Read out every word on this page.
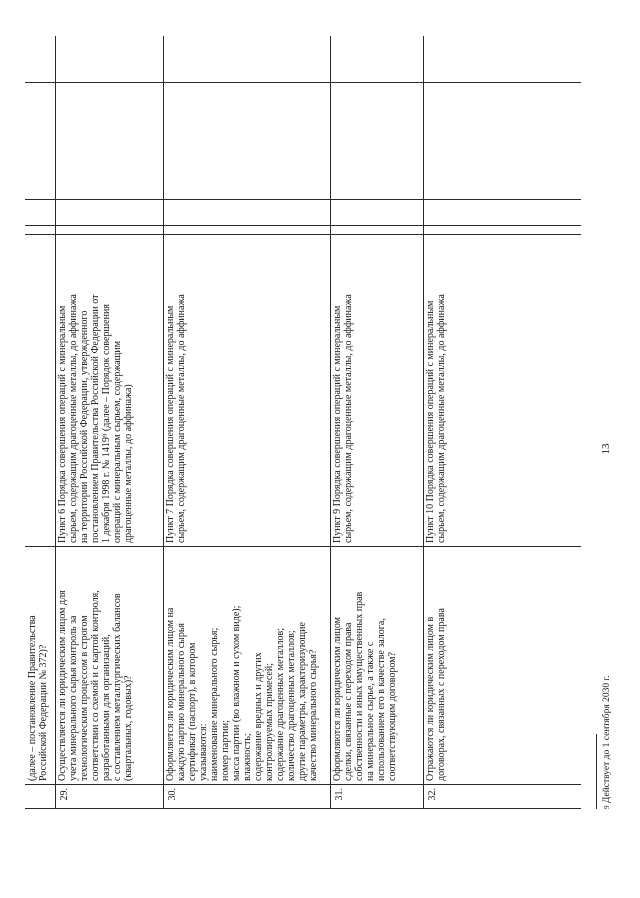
13
(далее – постановление Правительства
Российской Федерации № 372)?
29.
Осуществляется ли юридическим лицом для
учета минерального сырья контроль за
технологическим процессом в строгом
соответствии со схемой и с картой контроля,
разработанными для организаций,
с составлением металлургических балансов
(квартальных, годовых)?
Пункт 6 Порядка совершения операций с минеральным
сырьем, содержащим драгоценные металлы, до аффинажа
на территории Российской Федерации, утвержденного
постановлением Правительства Российской Федерации от
1 декабря 1998 г. № 1419⁹ (далее – Порядок совершения
операций с минеральным сырьем, содержащим
драгоценные металлы, до аффинажа)
30.
Оформляется ли юридическим лицом на
каждую партию минерального сырья
сертификат (паспорт), в котором
указываются:
наименование минерального сырья;
номер партии;
масса партии (во влажном и сухом виде);
влажность;
содержание вредных и других
контролируемых примесей;
содержание драгоценных металлов;
количество драгоценных металлов;
другие параметры, характеризующие
качество минерального сырья?
Пункт 7 Порядка совершения операций с минеральным
сырьем, содержащим драгоценные металлы, до аффинажа
31.
Оформляются ли юридическим лицом
сделки, связанные с переходом права
собственности и иных имущественных прав
на минеральное сырье, а также с
использованием его в качестве залога,
соответствующим договором?
Пункт 9 Порядка совершения операций с минеральным
сырьем, содержащим драгоценные металлы, до аффинажа
32.
Отражаются ли юридическим лицом в
договорах, связанных с переходом права
Пункт 10 Порядка совершения операций с минеральным
сырьем, содержащим драгоценные металлы, до аффинажа
$^9$ Действует до 1 сентября 2030 г.
